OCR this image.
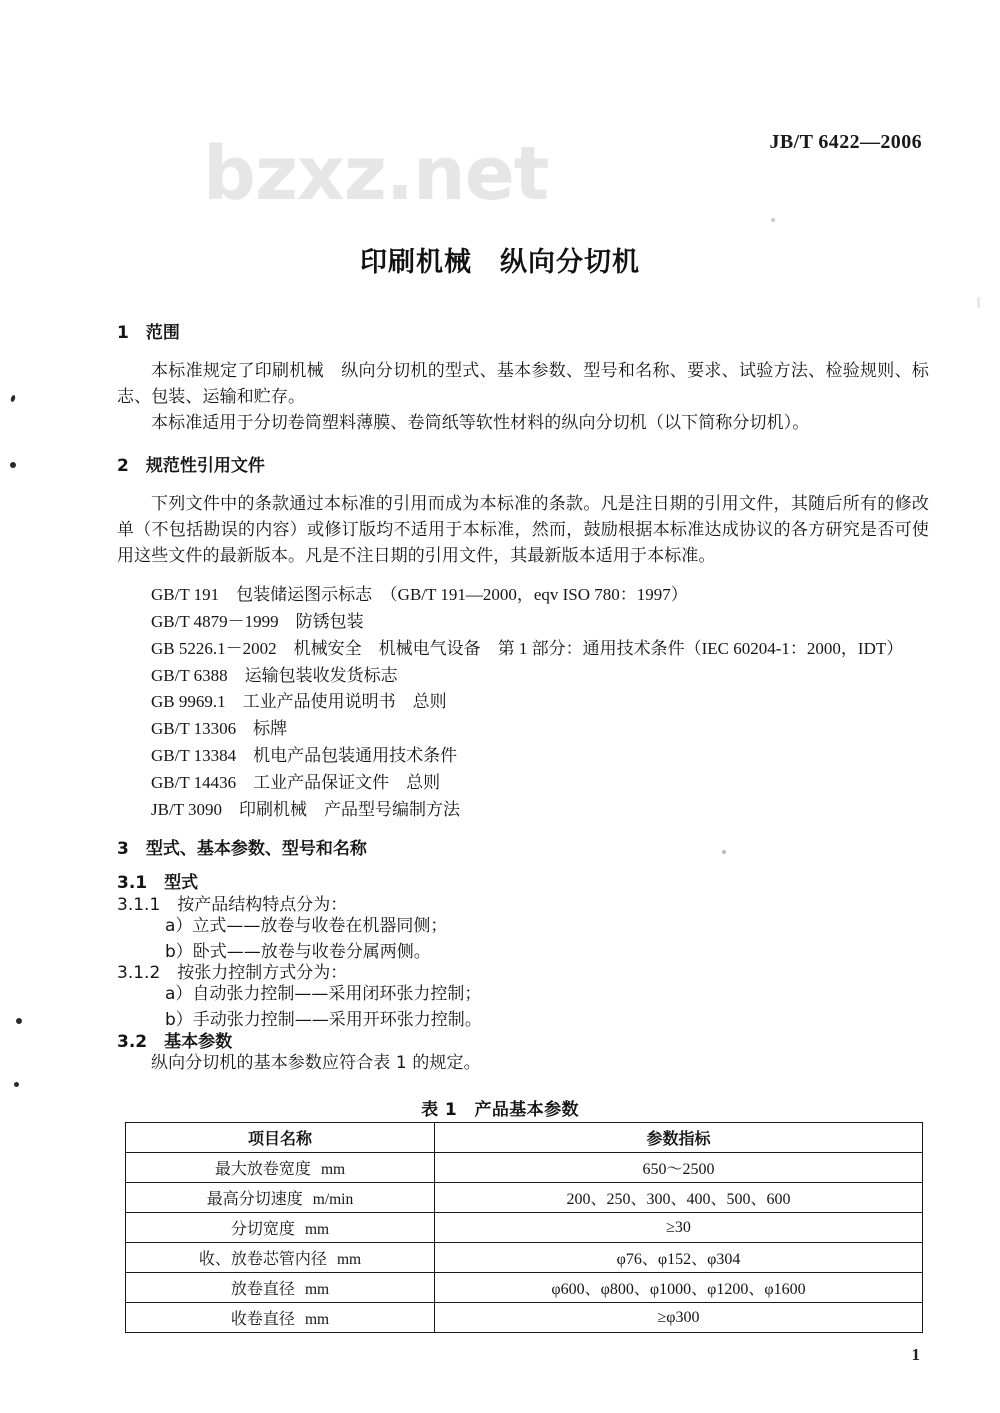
bzxz.net	JB/T 6422—2006
印刷机械　纵向分切机
1　范围

本标准规定了印刷机械　纵向分切机的型式、基本参数、型号和名称、要求、试验方法、检验规则、标志、包装、运输和贮存。

本标准适用于分切卷筒塑料薄膜、卷筒纸等软性材料的纵向分切机（以下简称分切机）。

2　规范性引用文件

下列文件中的条款通过本标准的引用而成为本标准的条款。凡是注日期的引用文件，其随后所有的修改单（不包括勘误的内容）或修订版均不适用于本标准，然而，鼓励根据本标准达成协议的各方研究是否可使用这些文件的最新版本。凡是不注日期的引用文件，其最新版本适用于本标准。

GB/T 191　包装储运图示标志　（GB/T 191—2000，eqv ISO 780：1997）
GB/T 4879－1999　防锈包装
GB 5226.1－2002　机械安全　机械电气设备　第 1 部分：通用技术条件（IEC 60204-1：2000，IDT）
GB/T 6388　运输包装收发货标志
GB 9969.1　工业产品使用说明书　总则
GB/T 13306　标牌
GB/T 13384　机电产品包装通用技术条件
GB/T 14436　工业产品保证文件　总则
JB/T 3090　印刷机械　产品型号编制方法
3　型式、基本参数、型号和名称
3.1　型式
3.1.1　按产品结构特点分为：
a）立式——放卷与收卷在机器同侧；
b）卧式——放卷与收卷分属两侧。
3.1.2　按张力控制方式分为：
a）自动张力控制——采用闭环张力控制；
b）手动张力控制——采用开环张力控制。
3.2　基本参数

纵向分切机的基本参数应符合表 1 的规定。

表 1　产品基本参数
项目名称	参数指标
最大放卷宽度 mm	650～2500
最高分切速度 m/min	200、250、300、400、500、600
分切宽度 mm	≥30
收、放卷芯管内径 mm	φ76、φ152、φ304
放卷直径 mm	φ600、φ800、φ1000、φ1200、φ1600
收卷直径 mm	≥φ300
1
